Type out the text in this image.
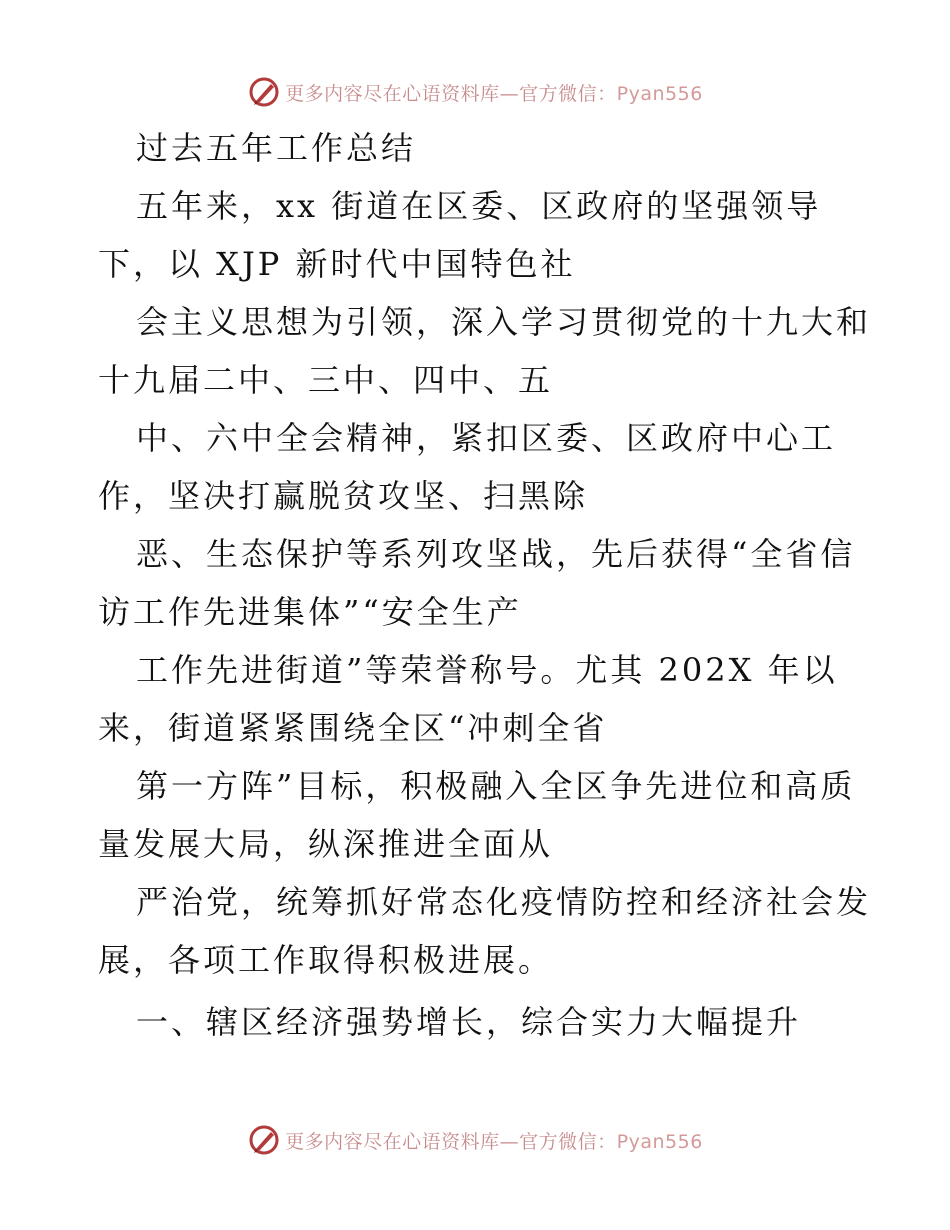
更多内容尽在心语资料库—官方微信：Pyan556
过去五年工作总结
五年来，xx 街道在区委、区政府的坚强领导
下，以 XJP 新时代中国特色社
会主义思想为引领，深入学习贯彻党的十九大和
十九届二中、三中、四中、五
中、六中全会精神，紧扣区委、区政府中心工
作，坚决打赢脱贫攻坚、扫黑除
恶、生态保护等系列攻坚战，先后获得“全省信
访工作先进集体”“安全生产
工作先进街道”等荣誉称号。尤其 202X 年以
来，街道紧紧围绕全区“冲刺全省
第一方阵”目标，积极融入全区争先进位和高质
量发展大局，纵深推进全面从
严治党，统筹抓好常态化疫情防控和经济社会发
展，各项工作取得积极进展。
一、辖区经济强势增长，综合实力大幅提升
更多内容尽在心语资料库—官方微信：Pyan556
